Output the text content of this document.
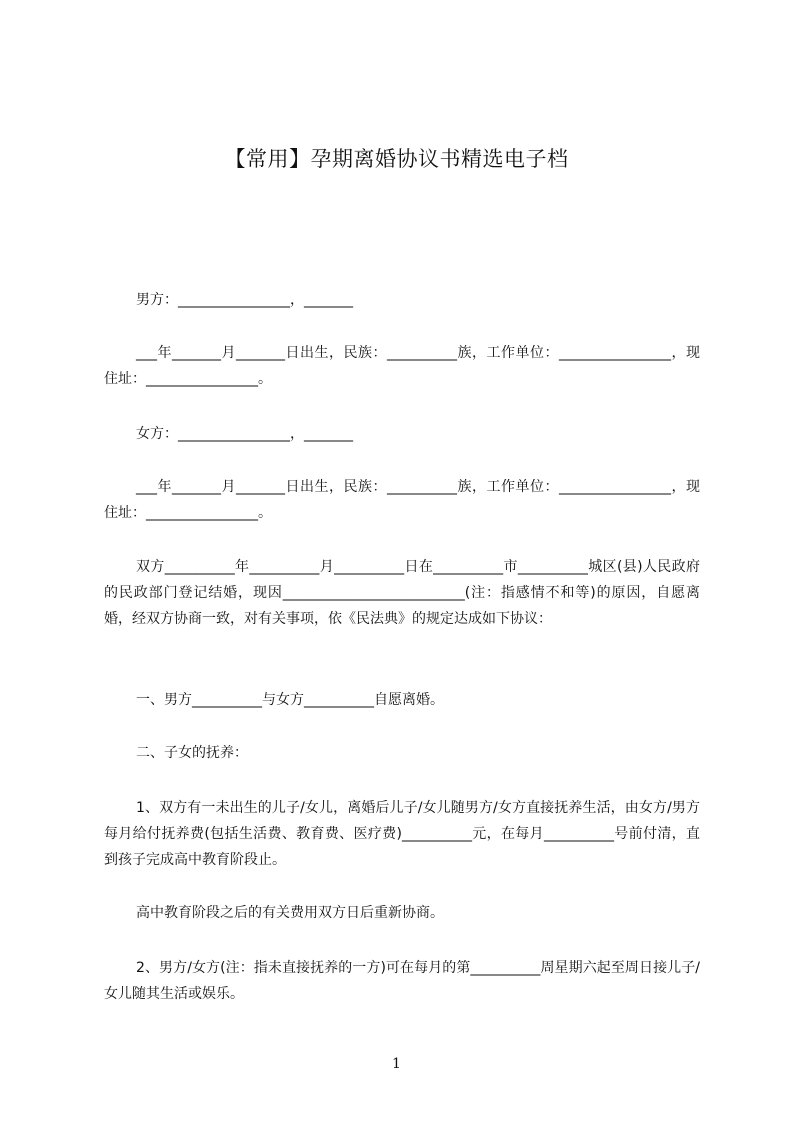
【常用】孕期离婚协议书精选电子档

男方：________________，_______

___年_______月_______日出生，民族：__________族，工作单位：________________，现住址：________________。

女方：________________，_______

___年_______月_______日出生，民族：__________族，工作单位：________________，现住址：________________。

双方__________年__________月__________日在__________市__________城区(县)人民政府的民政部门登记结婚，现因__________________________(注：指感情不和等)的原因，自愿离婚，经双方协商一致，对有关事项，依《民法典》的规定达成如下协议：

一、男方__________与女方__________自愿离婚。

二、子女的抚养：

1、双方有一未出生的儿子/女儿，离婚后儿子/女儿随男方/女方直接抚养生活，由女方/男方每月给付抚养费(包括生活费、教育费、医疗费)__________元，在每月__________号前付清，直到孩子完成高中教育阶段止。

高中教育阶段之后的有关费用双方日后重新协商。

2、男方/女方(注：指未直接抚养的一方)可在每月的第__________周星期六起至周日接儿子/女儿随其生活或娱乐。

1
